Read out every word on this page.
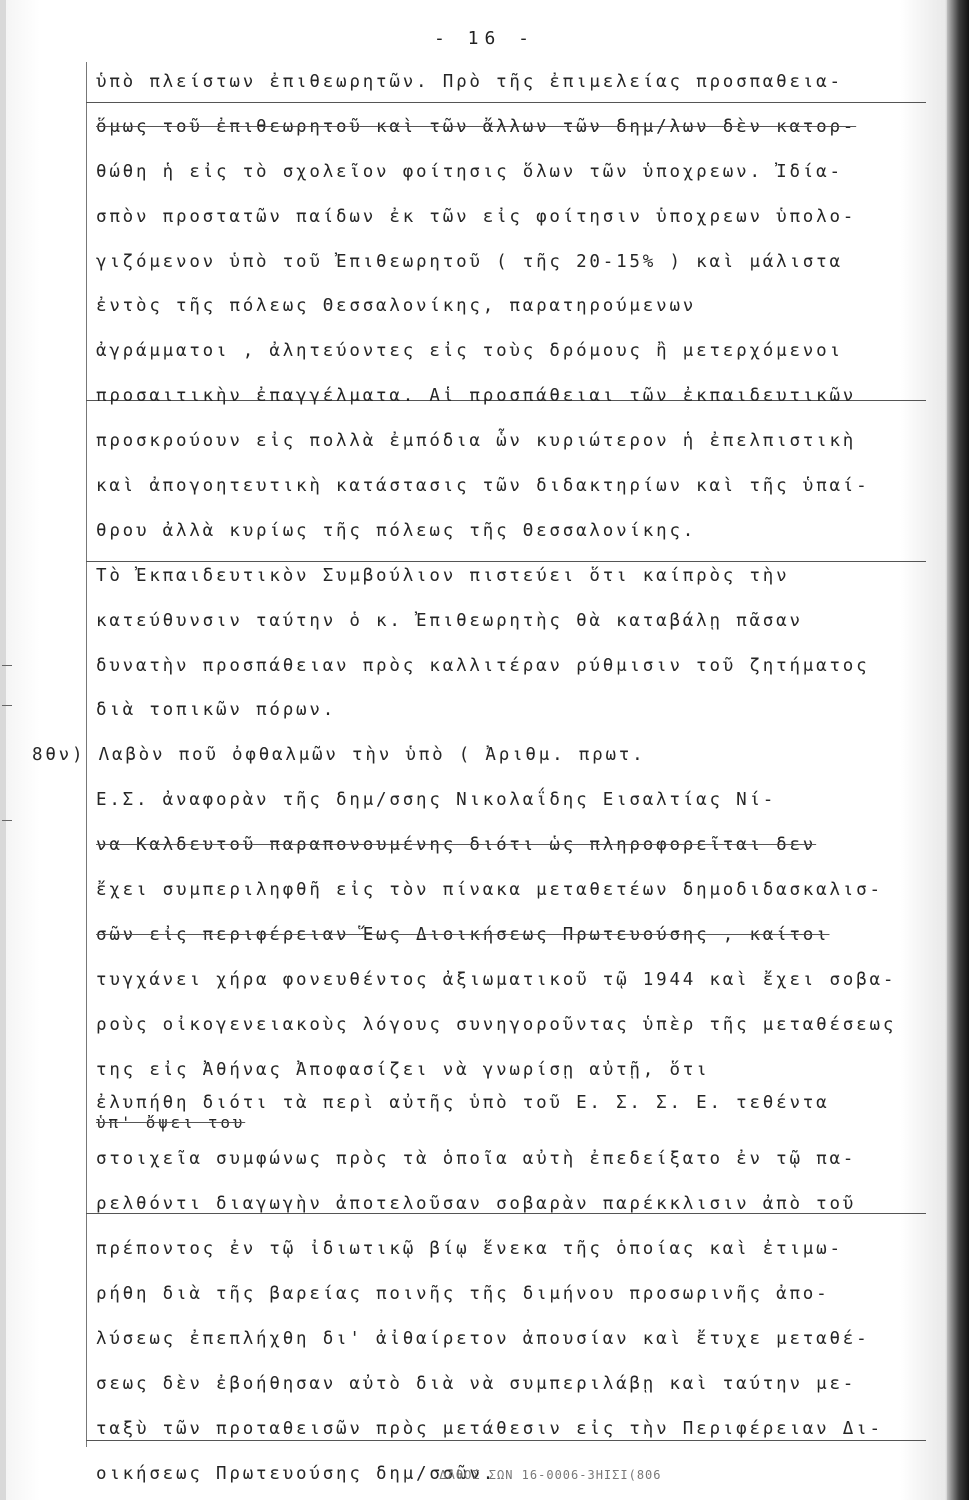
- 16 -
ὑπὸ πλείστων ἐπιθεωρητῶν. Πρὸ τῆς ἐπιμελείας προσπαθεια-
ὅμως τοῦ ἐπιθεωρητοῦ καὶ τῶν ἄλλων τῶν δημ/λων δὲν κατορ-
θώθη ἡ εἰς τὸ σχολεῖον φοίτησις ὅλων τῶν ὑποχρεων. Ἰδία-
σπὸν προστατῶν παίδων ἐκ τῶν εἰς φοίτησιν ὑποχρεων ὑπολο-
γιζόμενον ὑπὸ τοῦ Ἐπιθεωρητοῦ ( τῆς 20-15% ) καὶ μάλιστα
ἐντὸς τῆς πόλεως Θεσσαλονίκης, παρατηρούμενων
ἀγράμματοι , ἀλητεύοντες εἰς τοὺς δρόμους ἢ μετερχόμενοι
προσαιτικὴν ἐπαγγέλματα. Αἱ προσπάθειαι τῶν ἐκπαιδευτικῶν
προσκρούουν εἰς πολλὰ ἐμπόδια ὧν κυριώτερον ἡ ἐπελπιστικὴ
καὶ ἀπογοητευτικὴ κατάστασις τῶν διδακτηρίων καὶ τῆς ὑπαί-
θρου ἀλλὰ κυρίως τῆς πόλεως τῆς Θεσσαλονίκης.
Τὸ Ἐκπαιδευτικὸν Συμβούλιον πιστεύει ὅτι καίπρὸς τὴν
κατεύθυνσιν ταύτην ὁ κ. Ἐπιθεωρητὴς θὰ καταβάλῃ πᾶσαν
δυνατὴν προσπάθειαν πρὸς καλλιτέραν ρύθμισιν τοῦ ζητήματος
διὰ τοπικῶν πόρων.
8θν) Λαβὸν ποῦ ὀφθαλμῶν τὴν ὑπὸ ( Ἀριθμ. πρωτ.
Ε.Σ. ἀναφορὰν τῆς δημ/σσης Νικολαΐδης Εισαλτίας Νί-
να Καλδευτοῦ παραπονουμένης διότι ὡς πληροφορεῖται δεν
ἔχει συμπεριληφθῆ εἰς τὸν πίνακα μεταθετέων δημοδιδασκαλισ-
σῶν εἰς περιφέρειαν Ἕως Διοικήσεως Πρωτευούσης , καίτοι
τυγχάνει χήρα φονευθέντος ἀξιωματικοῦ τῷ 1944 καὶ ἔχει σοβα-
ροὺς οἰκογενειακοὺς λόγους συνηγοροῦντας ὑπὲρ τῆς μεταθέσεως
της εἰς Ἀθήνας Ἀποφασίζει νὰ γνωρίσῃ αὐτῇ, ὅτι
ἐλυπήθη διότι τὰ περὶ αὐτῆς ὑπὸ τοῦ Ε. Σ. Σ. Ε. τεθέντα
ὑπ' ὄψει του
στοιχεῖα συμφώνως πρὸς τὰ ὁποῖα αὐτὴ ἐπεδείξατο ἐν τῷ πα-
ρελθόντι διαγωγὴν ἀποτελοῦσαν σοβαρὰν παρέκκλισιν ἀπὸ τοῦ
πρέποντος ἐν τῷ ἰδιωτικῷ βίῳ ἕνεκα τῆς ὁποίας καὶ ἐτιμω-
ρήθη διὰ τῆς βαρείας ποινῆς τῆς διμήνου προσωρινῆς ἀπο-
λύσεως ἐπεπλήχθη δι' ἀἰθαίρετον ἀπουσίαν καὶ ἔτυχε μεταθέ-
σεως δὲν ἐβοήθησαν αὐτὸ διὰ νὰ συμπεριλάβῃ καὶ ταύτην με-
ταξὺ τῶν προταθεισῶν πρὸς μετάθεσιν εἰς τὴν Περιφέρειαν Δι-
οικήσεως Πρωτευούσης δημ/σσῶν. ΔΑΘΟΣ ΣΩΝ 16-0006-3ΗΙΣΙ(806
